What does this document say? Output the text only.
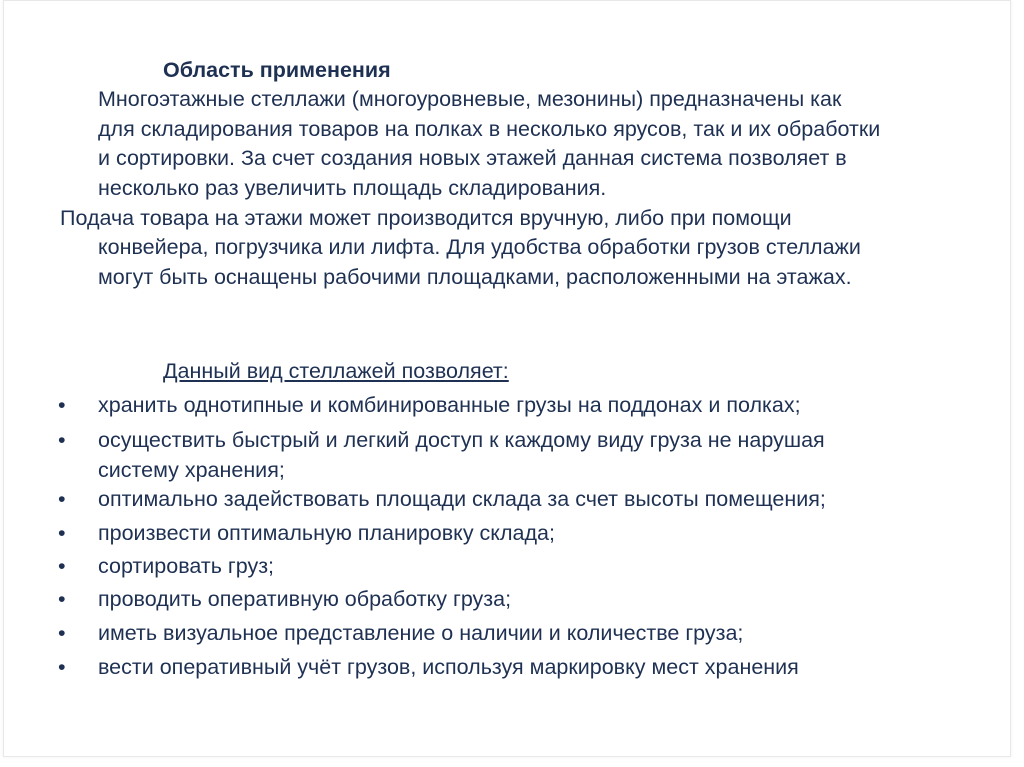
Область применения
Многоэтажные стеллажи (многоуровневые, мезонины) предназначены как
для складирования товаров на полках в несколько ярусов, так и их обработки
и сортировки. За счет создания новых этажей данная система позволяет в
несколько раз увеличить площадь складирования.
Подача товара на этажи может производится вручную, либо при помощи
конвейера, погрузчика или лифта. Для удобства обработки грузов стеллажи
могут быть оснащены рабочими площадками, расположенными на этажах.
Данный вид стеллажей позволяет:
•	хранить однотипные и комбинированные грузы на поддонах и полках;
•	осуществить быстрый и легкий доступ к каждому виду груза не нарушая
систему хранения;
•	оптимально задействовать площади склада за счет высоты помещения;
•	произвести оптимальную планировку склада;
•	сортировать груз;
•	проводить оперативную обработку груза;
•	иметь визуальное представление о наличии и количестве груза;
•	вести оперативный учёт грузов, используя маркировку мест хранения
